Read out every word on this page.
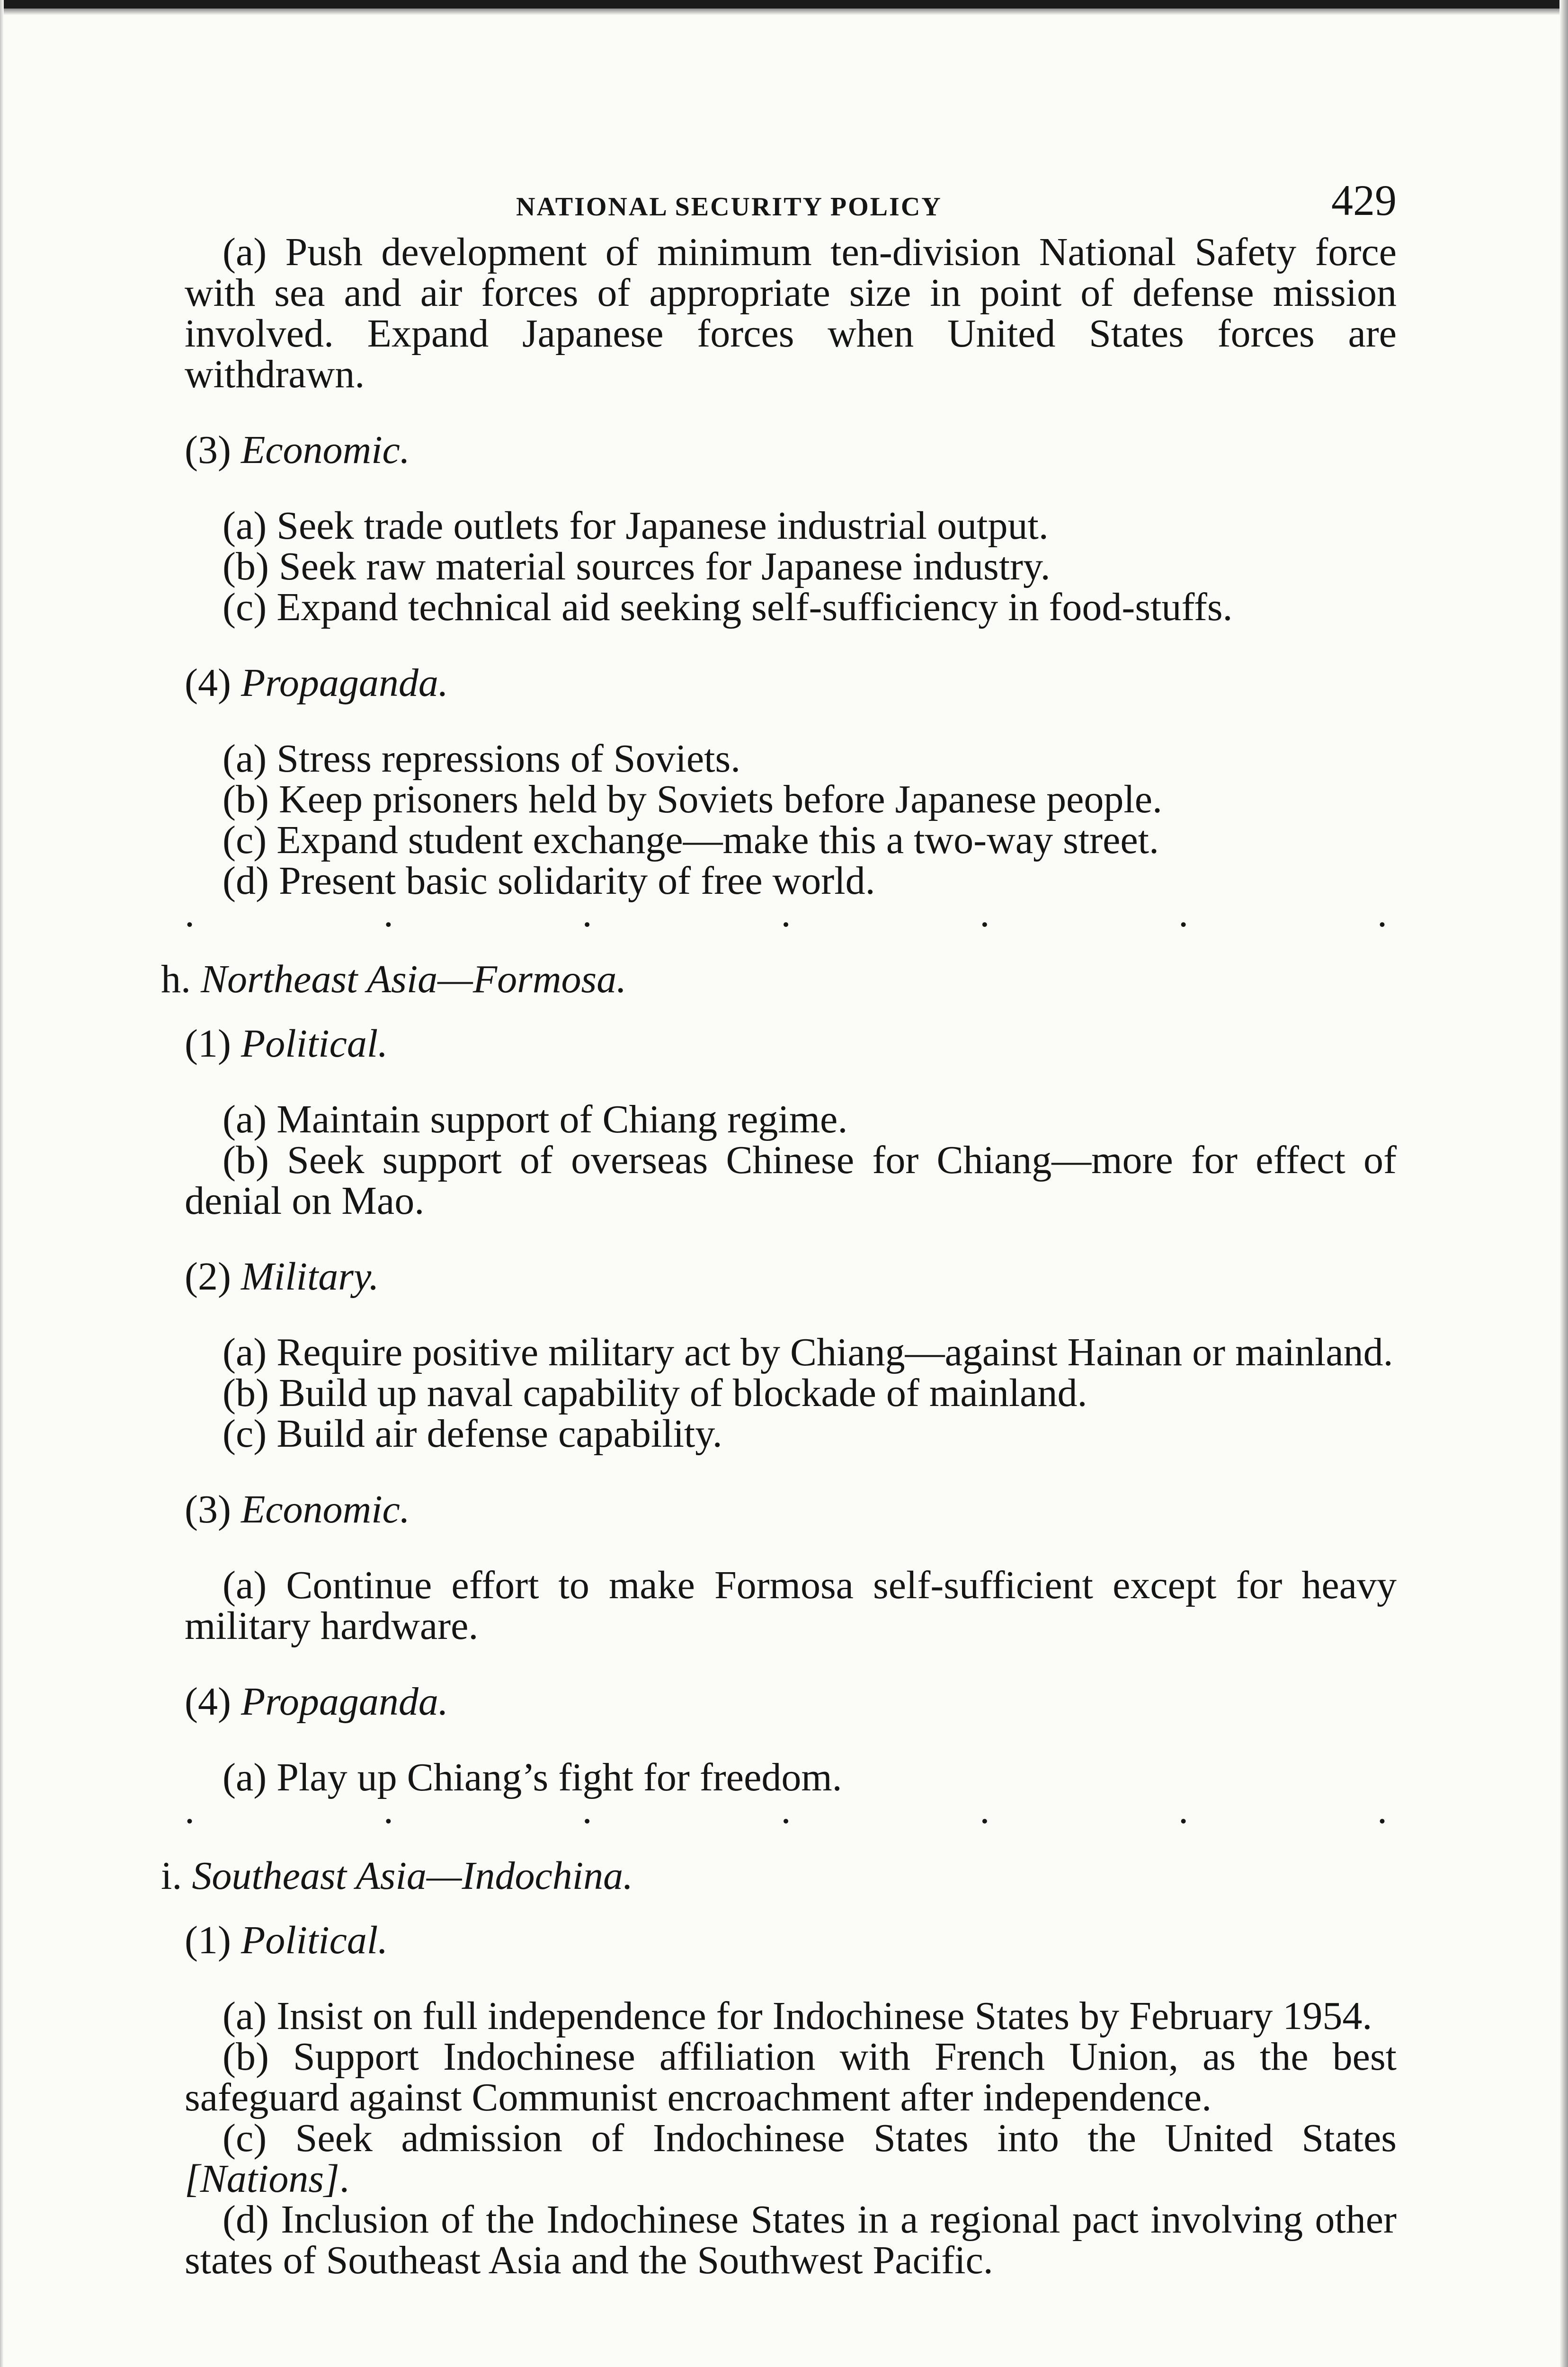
NATIONAL SECURITY POLICY	429

(a) Push development of minimum ten-division National Safety force with sea and air forces of appropriate size in point of defense mission involved. Expand Japanese forces when United States forces are withdrawn.

(3) Economic.

(a) Seek trade outlets for Japanese industrial output.

(b) Seek raw material sources for Japanese industry.

(c) Expand technical aid seeking self-sufficiency in food-stuffs.

(4) Propaganda.

(a) Stress repressions of Soviets.

(b) Keep prisoners held by Soviets before Japanese people.

(c) Expand student exchange—make this a two-way street.

(d) Present basic solidarity of free world.

.	.	.	.	.	.	.

h. Northeast Asia—Formosa.

(1) Political.

(a) Maintain support of Chiang regime.

(b) Seek support of overseas Chinese for Chiang—more for effect of denial on Mao.

(2) Military.

(a) Require positive military act by Chiang—against Hainan or mainland.

(b) Build up naval capability of blockade of mainland.

(c) Build air defense capability.

(3) Economic.

(a) Continue effort to make Formosa self-sufficient except for heavy military hardware.

(4) Propaganda.

(a) Play up Chiang’s fight for freedom.

.	.	.	.	.	.	.

i. Southeast Asia—Indochina.

(1) Political.

(a) Insist on full independence for Indochinese States by February 1954.

(b) Support Indochinese affiliation with French Union, as the best safeguard against Communist encroachment after independence.

(c) Seek admission of Indochinese States into the United States [Nations].

(d) Inclusion of the Indochinese States in a regional pact involving other states of Southeast Asia and the Southwest Pacific.
